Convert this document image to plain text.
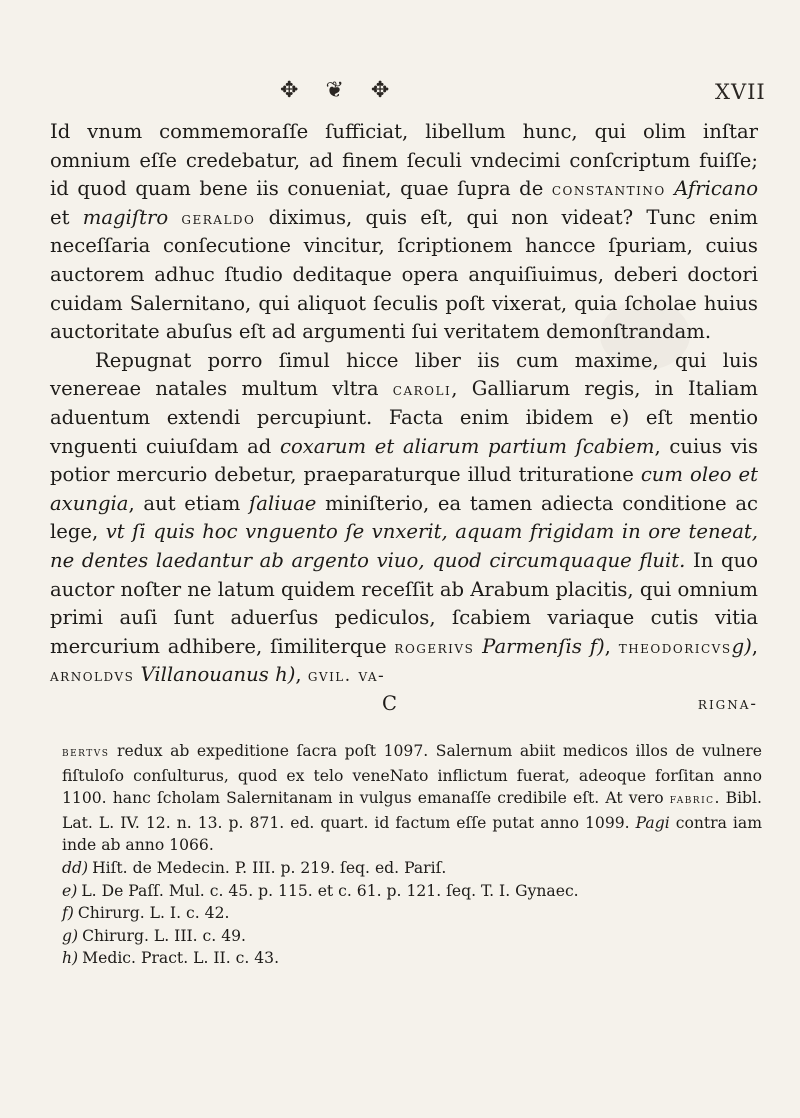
✥ ❦ ✥	XVII

Id vnum commemoraſſe ſufficiat, libellum hunc, qui olim inſtar omnium eſſe credebatur, ad finem ſeculi vndecimi conſcriptum fuiſſe; id quod quam bene iis conueniat, quae ſupra de constantino Africano et magiſtro geraldo diximus, quis eſt, qui non videat? Tunc enim neceſſaria conſecutione vincitur, ſcriptionem hancce ſpuriam, cuius auctorem adhuc ſtudio deditaque opera anquiſiuimus, deberi doctori cuidam Salernitano, qui aliquot ſeculis poſt vixerat, quia ſcholae huius auctoritate abuſus eſt ad argumenti ſui veritatem demonſtrandam.

Repugnat porro ſimul hicce liber iis cum maxime, qui luis venereae natales multum vltra caroli, Galliarum regis, in Italiam aduentum extendi percupiunt. Facta enim ibidem e) eſt mentio vnguenti cuiuſdam ad coxarum et aliarum partium ſcabiem, cuius vis potior mercurio debetur, praeparaturque illud trituratione cum oleo et axungia, aut etiam ſaliuae miniſterio, ea tamen adiecta conditione ac lege, vt ſi quis hoc vnguento ſe vnxerit, aquam frigidam in ore teneat, ne dentes laedantur ab argento viuo, quod circumquaque fluit. In quo auctor noſter ne latum quidem receſſit ab Arabum placitis, qui omnium primi auſi ſunt aduerſus pediculos, ſcabiem variaque cutis vitia mercurium adhibere, ſimiliterque rogerivs Parmenſis f), theodoricvsg), arnoldvs Villanouanus h), gvil. va-

C	rigna-

bertvs redux ab expeditione ſacra poſt 1097. Salernum abiit medicos illos de vulnere fiſtuloſo conſulturus, quod ex telo veneNato inflictum fuerat, adeoque forſitan anno 1100. hanc ſcholam Salernitanam in vulgus emanaſſe credibile eſt. At vero fabric. Bibl. Lat. L. IV. 12. n. 13. p. 871. ed. quart. id factum eſſe putat anno 1099. Pagi contra iam inde ab anno 1066.

dd) Hiſt. de Medecin. P. III. p. 219. ſeq. ed. Pariſ.

e) L. De Paſſ. Mul. c. 45. p. 115. et c. 61. p. 121. ſeq. T. I. Gynaec.

f) Chirurg. L. I. c. 42.

g) Chirurg. L. III. c. 49.

h) Medic. Pract. L. II. c. 43.
